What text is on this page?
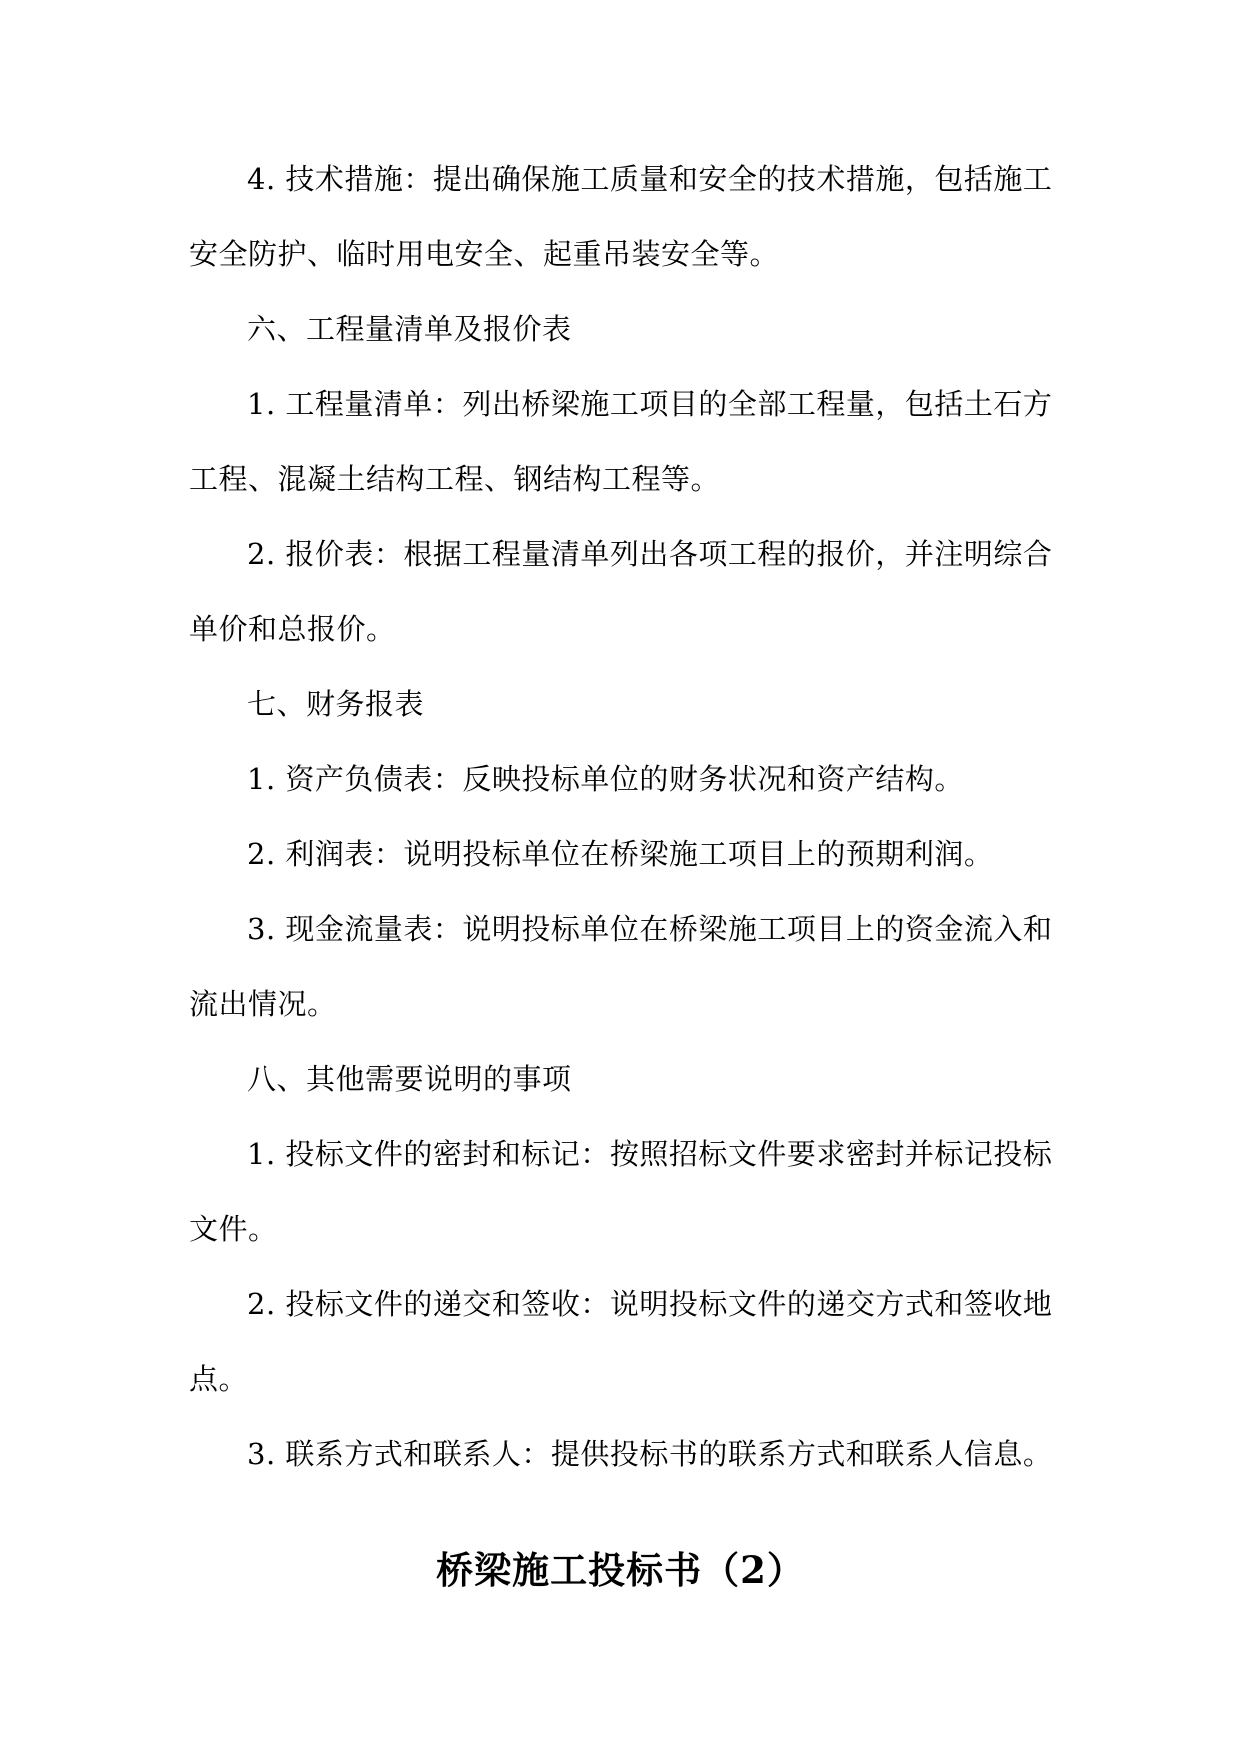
4. 技术措施：提出确保施工质量和安全的技术措施，包括施工
安全防护、临时用电安全、起重吊装安全等。
六、工程量清单及报价表
1. 工程量清单：列出桥梁施工项目的全部工程量，包括土石方
工程、混凝土结构工程、钢结构工程等。
2. 报价表：根据工程量清单列出各项工程的报价，并注明综合
单价和总报价。
七、财务报表
1. 资产负债表：反映投标单位的财务状况和资产结构。
2. 利润表：说明投标单位在桥梁施工项目上的预期利润。
3. 现金流量表：说明投标单位在桥梁施工项目上的资金流入和
流出情况。
八、其他需要说明的事项
1. 投标文件的密封和标记：按照招标文件要求密封并标记投标
文件。
2. 投标文件的递交和签收：说明投标文件的递交方式和签收地
点。
3. 联系方式和联系人：提供投标书的联系方式和联系人信息。
桥梁施工投标书（2）
